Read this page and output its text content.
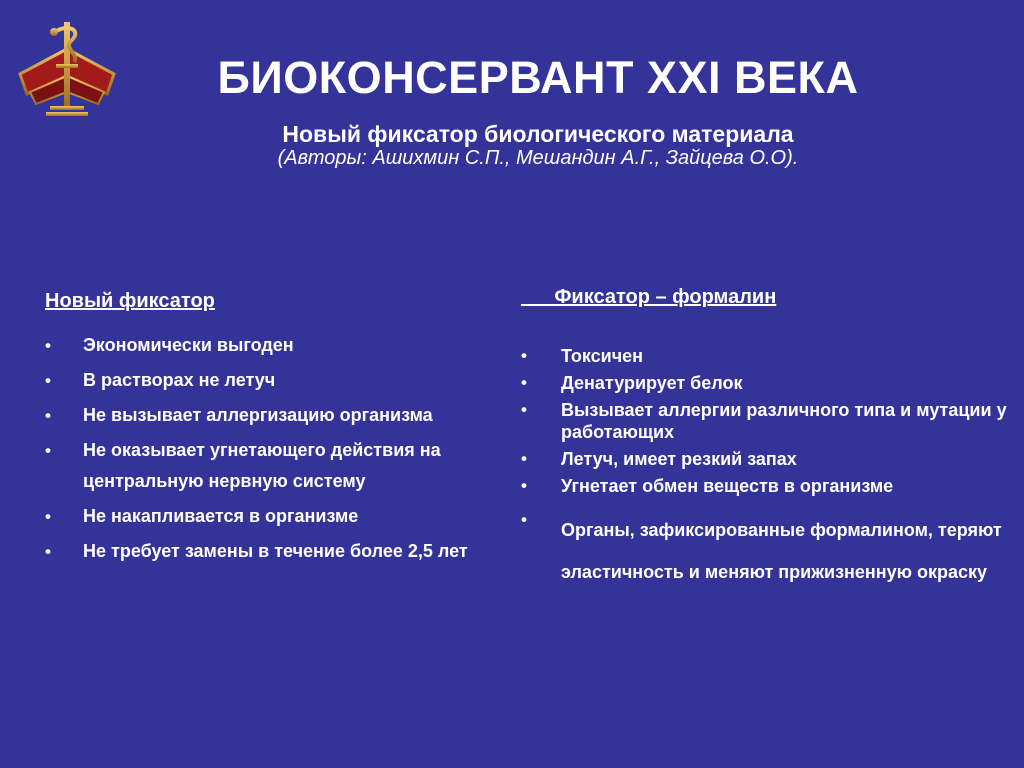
БИОКОНСЕРВАНТ XXI ВЕКА
Новый фиксатор биологического материала
(Авторы: Ашихмин С.П., Мешандин А.Г., Зайцева О.О).
Новый фиксатор
• Экономически выгоден
• В растворах не летуч
• Не вызывает аллергизацию организма
• Не оказывает угнетающего действия на центральную нервную систему
• Не накапливается в организме
• Не требует замены в течение более 2,5 лет
Фиксатор – формалин
• Токсичен
• Денатурирует белок
• Вызывает аллергии различного типа и мутации у работающих
• Летуч, имеет резкий запах
• Угнетает обмен веществ в организме
•
Органы, зафиксированные формалином, теряют эластичность и меняют прижизненную окраску
